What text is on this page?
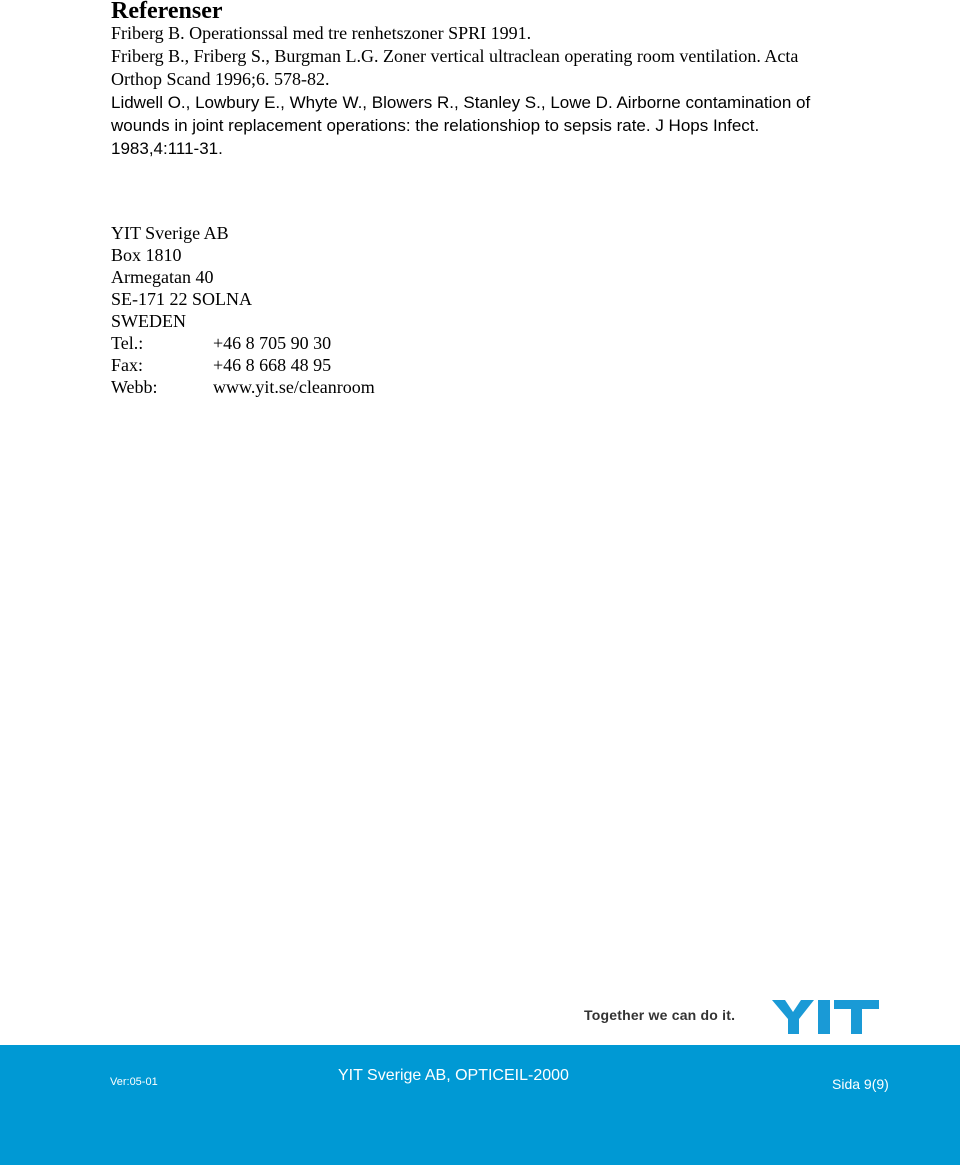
Referenser
Friberg B. Operationssal med tre renhetszoner SPRI 1991.
Friberg B., Friberg S., Burgman L.G. Zoner vertical ultraclean operating room ventilation. Acta
Orthop Scand 1996;6. 578-82.
Lidwell O., Lowbury E., Whyte W., Blowers R., Stanley S., Lowe D. Airborne contamination of
wounds in joint replacement operations: the relationshiop to sepsis rate. J Hops Infect.
1983,4:111-31.
YIT Sverige AB
Box 1810
Armegatan 40
SE-171 22 SOLNA
SWEDEN
Tel.:	+46 8 705 90 30
Fax:	+46 8 668 48 95
Webb:	www.yit.se/cleanroom
Together we can do it.
Ver:05-01	YIT Sverige AB, OPTICEIL-2000	Sida 9(9)
